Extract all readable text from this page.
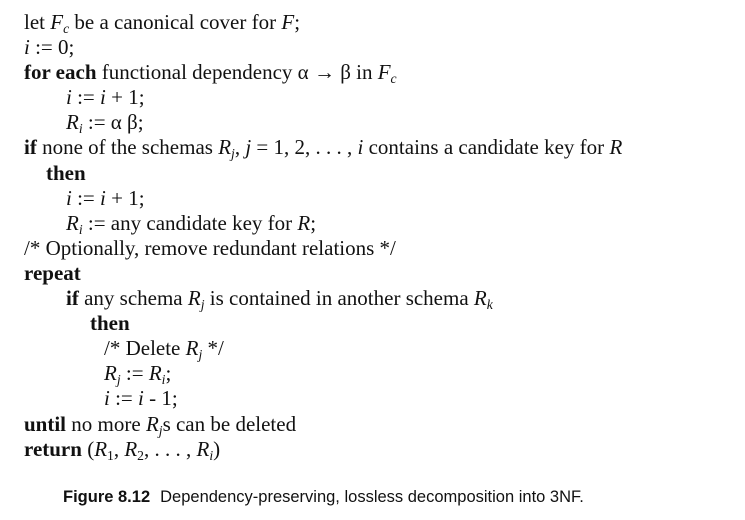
let $F_c$ be a canonical cover for F;
i := 0;
for each functional dependency α → β in $F_c$
i := i + 1;
$R_i$ := α β;
if none of the schemas $R_j$, j = 1, 2, . . . , i contains a candidate key for R
then
i := i + 1;
$R_i$ := any candidate key for R;
/* Optionally, remove redundant relations */
repeat
if any schema $R_j$ is contained in another schema $R_k$
then
/* Delete $R_j$ */
$R_j$ := $R_i$;
i := i - 1;
until no more $R_js$ can be deleted
return ($R_1$, $R_2$, . . . , $R_i$)
Figure 8.12 Dependency-preserving, lossless decomposition into 3NF.
